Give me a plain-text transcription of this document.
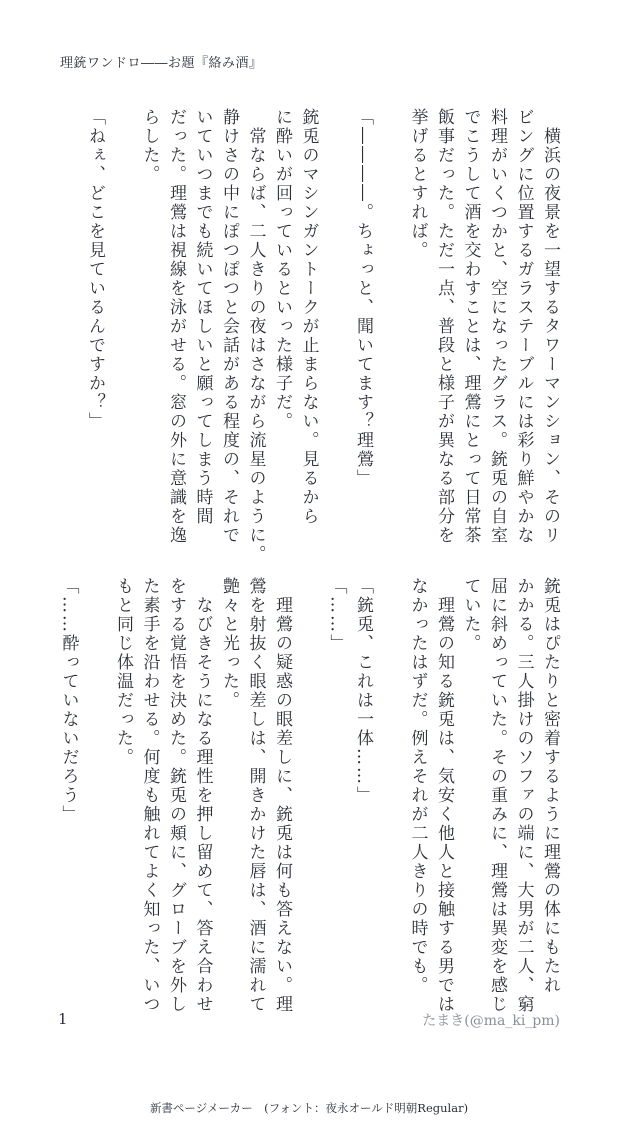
理銃ワンドロ――お題『絡み酒』
　横浜の夜景を一望するタワーマンション、そのリ
ビングに位置するガラステーブルには彩り鮮やかな
料理がいくつかと、空になったグラス。銃兎の自室
でこうして酒を交わすことは、理鶯にとって日常茶
飯事だった。ただ一点、普段と様子が異なる部分を
挙げるとすれば。
「――――。ちょっと、聞いてます？理鶯」
銃兎のマシンガントークが止まらない。見るから
に酔いが回っているといった様子だ。
　常ならば、二人きりの夜はさながら流星のように。
静けさの中にぽつぽつと会話がある程度の、それで
いていつまでも続いてほしいと願ってしまう時間
だった。理鶯は視線を泳がせる。窓の外に意識を逸
らした。
「ねぇ、どこを見ているんですか？」
銃兎はぴたりと密着するように理鶯の体にもたれ
かかる。三人掛けのソファの端に、大男が二人、窮
屈に斜めっていた。その重みに、理鶯は異変を感じ
ていた。
　理鶯の知る銃兎は、気安く他人と接触する男では
なかったはずだ。例えそれが二人きりの時でも。
「銃兎、これは一体……」
「……」
　理鶯の疑惑の眼差しに、銃兎は何も答えない。理
鶯を射抜く眼差しは、開きかけた唇は、酒に濡れて
艶々と光った。
　なびきそうになる理性を押し留めて、答え合わせ
をする覚悟を決めた。銃兎の頬に、グローブを外し
た素手を沿わせる。何度も触れてよく知った、いつ
もと同じ体温だった。
「……酔っていないだろう」
1	たまき(@ma_ki_pm)
新書ページメーカー　(フォント：夜永オールド明朝Regular)
